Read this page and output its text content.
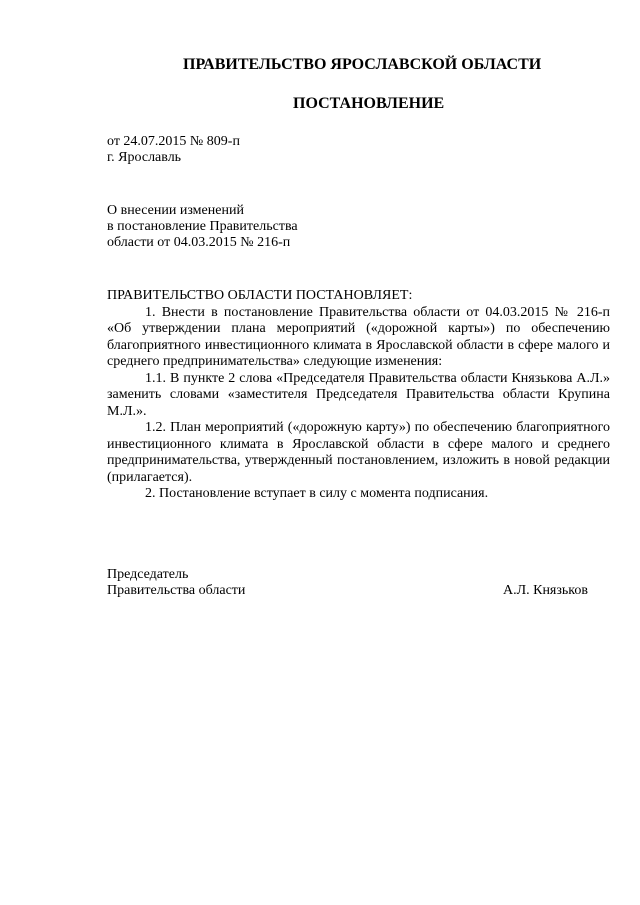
ПРАВИТЕЛЬСТВО ЯРОСЛАВСКОЙ ОБЛАСТИ
ПОСТАНОВЛЕНИЕ
от 24.07.2015 № 809-п
г. Ярославль
О внесении изменений
в постановление Правительства
области от 04.03.2015 № 216-п

ПРАВИТЕЛЬСТВО ОБЛАСТИ ПОСТАНОВЛЯЕТ:

1. Внести в постановление Правительства области от 04.03.2015 № 216-п «Об утверждении плана мероприятий («дорожной карты») по обеспечению благоприятного инвестиционного климата в Ярославской области в сфере малого и среднего предпринимательства» следующие изменения:

1.1. В пункте 2 слова «Председателя Правительства области Князькова А.Л.» заменить словами «заместителя Председателя Правительства области Крупина М.Л.».

1.2. План мероприятий («дорожную карту») по обеспечению благоприятного инвестиционного климата в Ярославской области в сфере малого и среднего предпринимательства, утвержденный постановлением, изложить в новой редакции (прилагается).

2. Постановление вступает в силу с момента подписания.

Председатель
Правительства области	А.Л. Князьков
